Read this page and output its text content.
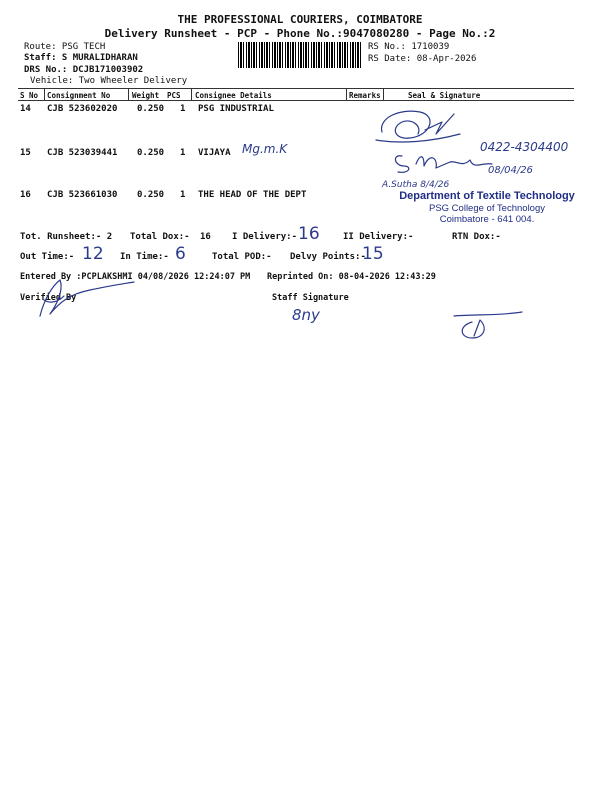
THE PROFESSIONAL COURIERS, COIMBATORE
Delivery Runsheet - PCP - Phone No.:9047080280 - Page No.:2
Route: PSG TECH
Staff: S MURALIDHARAN
DRS No.: DCJB171003902
Vehicle: Two Wheeler Delivery
RS No.: 1710039
RS Date: 08-Apr-2026
S No Consignment No	Weight PCS Consignee Details	Remarks	Seal & Signature
14 CJB 523602020 0.250 1 PSG INDUSTRIAL
15 CJB 523039441 0.250 1 VIJAYA Mg.m.K	0422-4304400
08/04/26
16 CJB 523661030 0.250 1 THE HEAD OF THE DEPT
A.Sutha 8/4/26
Department of Textile Technology
PSG College of Technology
Coimbatore - 641 004.
Tot. Runsheet:- 2 Total Dox:- 16 I Delivery:- 16	II Delivery:-	RTN Dox:-
Out Time:- 12 In Time:- 6	Total POD:- Delvy Points:-
15
Entered By :PCPLAKSHMI 04/08/2026 12:24:07 PM Reprinted On: 08-04-2026 12:43:29
Verified By	Staff Signature
8ny
